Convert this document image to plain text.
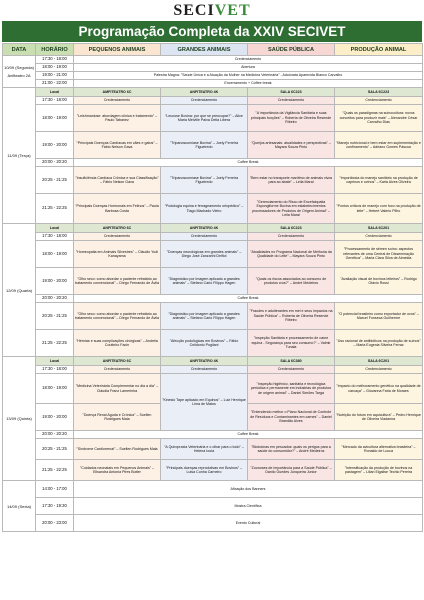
SECIVET
Programação Completa da XXIV SECIVET
DATA	HORÁRIO	PEQUENOS ANIMAIS	GRANDES ANIMAIS	SAÚDE PÚBLICA	PRODUÇÃO ANIMAL

10/09 (Segunda)
Anfiteatro 2A	17:30 - 18:00	Credenciamento			
	18:00 - 19:00	Abertura			
	19:00 - 21:00	Palestra Magna: "Saúde Única e a Atuação da Mulher na Medicina Veterinária" - Adolorata Aparecida Bianco Carvalho			
	21:00 - 22:00	Encerramento + Coffee break			
11/09 (Terça)	Local	AMFITEATRO 6C	ANFITEATRO 4K	SALA 6C223	SALA 6C223
	17:30 - 18:00	Credenciamento	Credenciamento	Credenciamento	Credenciamento
	18:00 - 19:00	"Leishmaniose: abordagem clínica e tratamento" – Paulo Tabanez	"Leucose Bovina: por que se preocupar?" – Alice Maria Melville Paiva Della Libera	"A importância da Vigilância Sanitária e suas principais funções" – Roberta de Oliveira Resende Ribeiro	"Quais os paradigmas na suinocultura: novos conceitos para produzir mais" – Alexandre César Carvalho Dias
	19:00 - 20:00	"Principais Doenças Cardíacas em cães e gatos" – Fábio Nelson Gava	"Tripanossomíase Bovina" – Joely Ferreira Figueiredo	"Queijos artesanais: atualidades e perspectivas" – Mayara Souza Pinto	"Manejo nutricional e bem estar em suplementação e confinamento" – Adriano Gomes Páscoa
	20:00 - 20:20	Coffee Break			
	20:25 - 21:25	"Insuficiência Cardíaca Crônica e sua Classificação" – Fábio Nelson Gava	"Tripanossomíase Bovina" – Joely Ferreira Figueiredo	"Bem estar no transporte marítimo de animais vivos para ao abate" – Leila Maral	"Importância do manejo sanitário na produção de caprinos e ovinos" – Karla Alves Oliveira
	21:25 - 22:25	"Principais Doenças Hormonais em Felinos" – Paula Barbosa Costa	"Podologia equina e ferrageamento ortopédico" – Tiago Machado Vieiro	"Gerenciamento do Risco de Encefalopatia Espongiforme Bovina em estabelecimentos processadores de Produtos de Origem Animal" – Leila Maral	"Pontos críticos de manejo com foco na produção de leite" – Hebert Valerio Pilho
12/09 (Quarta)	Local	ANFITEATRO 6C	ANFITEATRO 4K	SALA 6C223	SALA 6C201
	17:30 - 18:00	Credenciamento	Credenciamento	Credenciamento	Credenciamento
	18:00 - 19:00	"Homeopatia em Animais Silvestres" – Cláudio Yudi Kanayama	"Doenças neurológicas em grandes animais" – Diego José Zanzarini Delfiol	"Atualidades no Programa Nacional de Melhoria da Qualidade do Leite" – Mayara Souza Pinto	"Processamento de sêmen suíno: aspectos relevantes de uma Central de Disseminação Genética" – Maria Clara Silva de Almeida
	19:00 - 20:00	"Olho seco: como abordar o paciente refratário ao tratamento convencional" – Diego Fernando de Ávila	"Diagnóstico por imagem aplicado a grandes animais" – Stefano Carlo Filippo Hagen	"Quais os riscos associados ao consumo de produtos crus?" – André Medeiros	"Avaliação visual de bovinos leiteiros" – Rodrigo Otávio Rossi
	20:00 - 20:20	Coffee Break			
	20:25 - 21:25	"Olho seco: como abordar o paciente refratário ao tratamento convencional" – Diego Fernando de Ávila	"Diagnóstico por imagem aplicado a grandes animais" – Stefano Carlo Filippo Hagen	"Fraudes e adulterantes em mel e seus impactos na Saúde Pública" – Roberta de Oliveira Resende Ribeiro	"O potencial brasileiro como exportador de ovos" – Marcel Fonseca Guilherme
	21:25 - 22:25	"Hérnias e suas complicações cirúrgicas" – Andréia Coutinho Facin	"Afecção podológicas em Bovinos" – Fábio Celidonio Pogliani	"Inspeção Sanitária e processamento de carne equina - Segurança para seu consumo?" – Valmir Tunala	"Uso racional de antibióticos na produção de suínos" – Maria Eugenia Silveira Ferraz
13/09 (Quinta)	Local	ANFITEATRO 6C	ANFITEATRO 4K	SALA 6C380	SALA 6C201
	17:30 - 18:00	Credenciamento	Credenciamento	Credenciamento	Credenciamento
	18:00 - 19:00	"Medicina Veterinária Complementar no dia a dia" – Cláudia Franz Lamerinha	"Kinesio Tape aplicado em Equinos" – Luiz Henrique Lima de Matos	"Inspeção higiênico, sanitária e tecnológica periódica e permanente em indústrias de produtos de origem animal" – Daniel Simões Targa	"Impacto do melhoramento genético na qualidade de carcaça" – Giovanna Faria de Moraes
	19:00 - 20:00	"Doença Renal Aguda e Crônica" – Suellen Rodrigues Maia		"Entendendo melhor o Plano Nacional de Controle de Resíduos e Contaminantes em carnes" – Daniel Brandão Alves	"Nutrição do futuro em aquicultura" – Pedro Henrique de Oliveira Viadanna
	20:00 - 20:20	Coffee Break			
	20:25 - 21:25	"Síndrome Cardiorrenal" – Suellen Rodrigues Maia	"A Quiropraxia Veterinária e o olhar para o todo" – Helena Ioola	"Biotoxinas em pescados: quais os perigos para a saúde do consumidor?" – André Medeiros	"Mercado da avicultura alternativa brasileira" – Ronaldo de Lucca
	21:25 - 22:25	"Cuidados neonatais em Pequenos Animais" – Elisandra Antonia Pires Butter	"Principais doenças reprodutivas em Bovinos" – Luisa Cunha Carneiro	"Zoonoses de importância para a Saúde Pública" – Danilo Guedes Junqueira Junior	"Intensificação da produção de bovinos na pastagem" – Lilian Elgalise Techio Pereira
14/09 (Sexta)	14:00 - 17:00	Afixação dos Banners			
	17:30 - 19:30	Mostra Científica			
	20:00 - 23:00	Evento Cultural			
